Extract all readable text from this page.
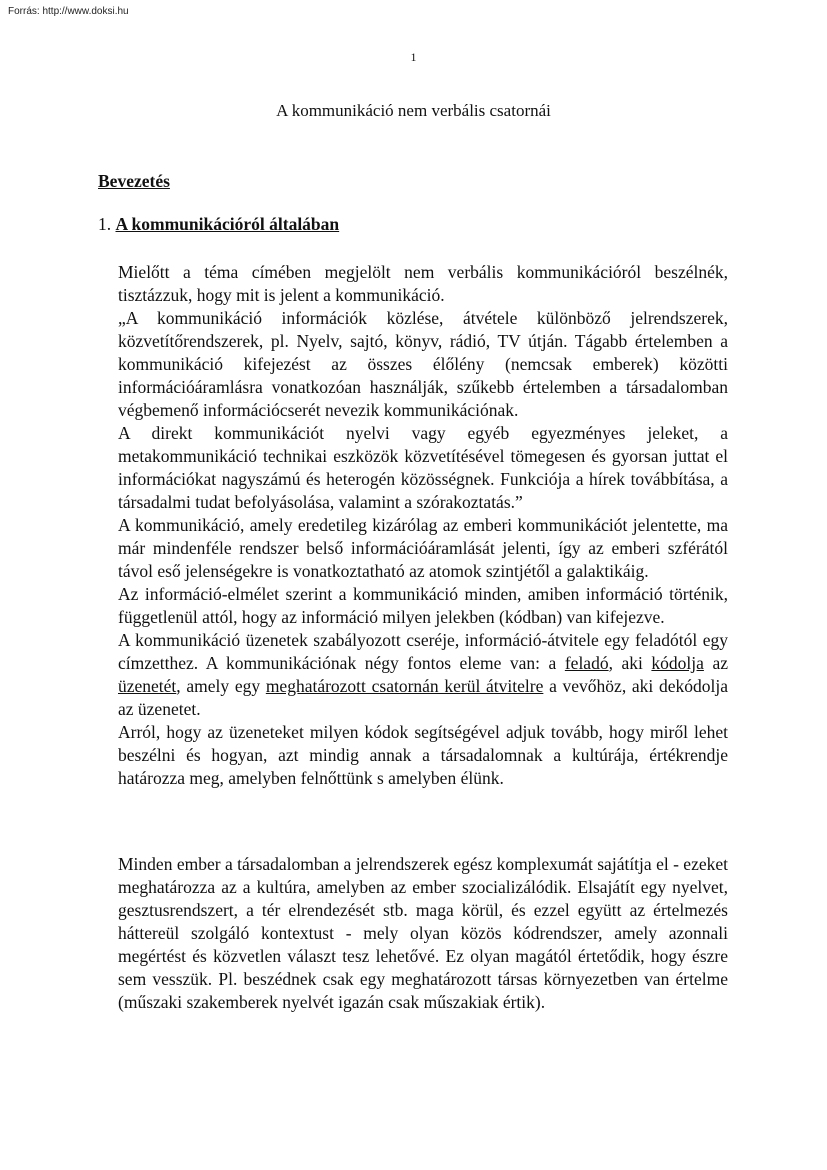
Forrás: http://www.doksi.hu
1
A kommunikáció nem verbális csatornái
Bevezetés
1. A kommunikációról általában

Mielőtt a téma címében megjelölt nem verbális kommunikációról beszélnék, tisztázzuk, hogy mit is jelent a kommunikáció.

„A kommunikáció információk közlése, átvétele különböző jelrendszerek, közvetítőrendszerek, pl. Nyelv, sajtó, könyv, rádió, TV útján. Tágabb értelemben a kommunikáció kifejezést az összes élőlény (nemcsak emberek) közötti információáramlásra vonatkozóan használják, szűkebb értelemben a társadalomban végbemenő információcserét nevezik kommunikációnak.

A direkt kommunikációt nyelvi vagy egyéb egyezményes jeleket, a metakommunikáció technikai eszközök közvetítésével tömegesen és gyorsan juttat el információkat nagyszámú és heterogén közösségnek. Funkciója a hírek továbbítása, a társadalmi tudat befolyásolása, valamint a szórakoztatás.”

A kommunikáció, amely eredetileg kizárólag az emberi kommunikációt jelentette, ma már mindenféle rendszer belső információáramlását jelenti, így az emberi szférától távol eső jelenségekre is vonatkoztatható az atomok szintjétől a galaktikáig.

Az információ-elmélet szerint a kommunikáció minden, amiben információ történik, függetlenül attól, hogy az információ milyen jelekben (kódban) van kifejezve.

A kommunikáció üzenetek szabályozott cseréje, információ-átvitele egy feladótól egy címzetthez. A kommunikációnak négy fontos eleme van: a feladó, aki kódolja az üzenetét, amely egy meghatározott csatornán kerül átvitelre a vevőhöz, aki dekódolja az üzenetet.

Arról, hogy az üzeneteket milyen kódok segítségével adjuk tovább, hogy miről lehet beszélni és hogyan, azt mindig annak a társadalomnak a kultúrája, értékrendje határozza meg, amelyben felnőttünk s amelyben élünk.

Minden ember a társadalomban a jelrendszerek egész komplexumát sajátítja el - ezeket meghatározza az a kultúra, amelyben az ember szocializálódik. Elsajátít egy nyelvet, gesztusrendszert, a tér elrendezését stb. maga körül, és ezzel együtt az értelmezés háttereül szolgáló kontextust - mely olyan közös kódrendszer, amely azonnali megértést és közvetlen választ tesz lehetővé. Ez olyan magától értetődik, hogy észre sem vesszük. Pl. beszédnek csak egy meghatározott társas környezetben van értelme (műszaki szakemberek nyelvét igazán csak műszakiak értik).
